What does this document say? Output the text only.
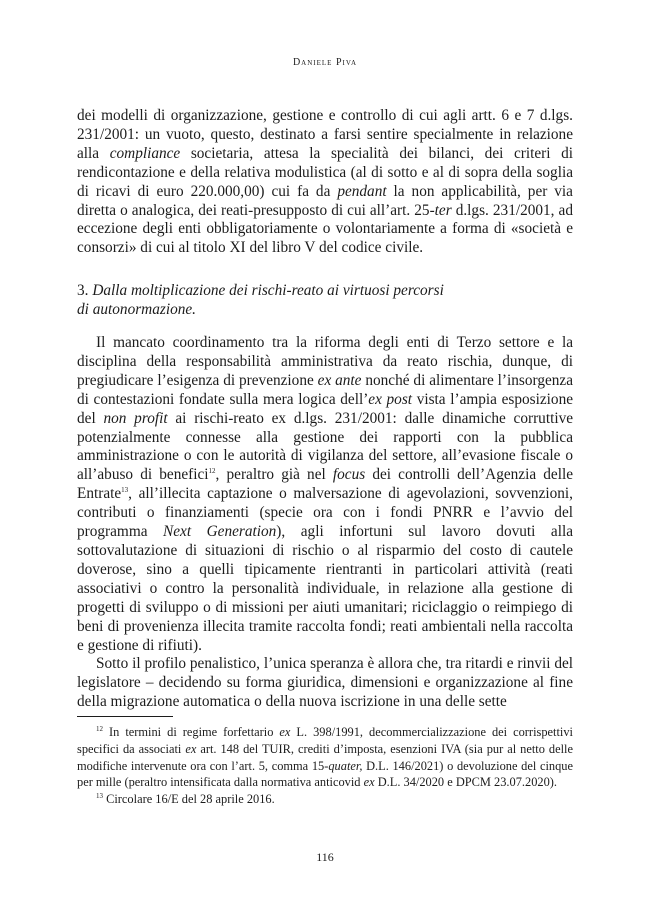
Daniele Piva

dei modelli di organizzazione, gestione e controllo di cui agli artt. 6 e 7 d.lgs. 231/2001: un vuoto, questo, destinato a farsi sentire specialmente in relazione alla compliance societaria, attesa la specialità dei bilanci, dei criteri di rendicontazione e della relativa modulistica (al di sotto e al di sopra della soglia di ricavi di euro 220.000,00) cui fa da pendant la non applicabilità, per via diretta o analogica, dei reati-presupposto di cui all’art. 25-ter d.lgs. 231/2001, ad eccezione degli enti obbligatoriamente o volontariamente a forma di «società e consorzi» di cui al titolo XI del libro V del codice civile.

3. Dalla moltiplicazione dei rischi-reato ai virtuosi percorsi
di autonormazione.

Il mancato coordinamento tra la riforma degli enti di Terzo settore e la disciplina della responsabilità amministrativa da reato rischia, dunque, di pregiudicare l’esigenza di prevenzione ex ante nonché di alimentare l’insorgenza di contestazioni fondate sulla mera logica dell’ex post vista l’ampia esposizione del non profit ai rischi-reato ex d.lgs. 231/2001: dalle dinamiche corruttive potenzialmente connesse alla gestione dei rapporti con la pubblica amministrazione o con le autorità di vigilanza del settore, all’evasione fiscale o all’abuso di benefici$^{12}$, peraltro già nel focus dei controlli dell’Agenzia delle Entrate$^{13}$, all’illecita captazione o malversazione di agevolazioni, sovvenzioni, contributi o finanziamenti (specie ora con i fondi PNRR e l’avvio del programma Next Generation), agli infortuni sul lavoro dovuti alla sottovalutazione di situazioni di rischio o al risparmio del costo di cautele doverose, sino a quelli tipicamente rientranti in particolari attività (reati associativi o contro la personalità individuale, in relazione alla gestione di progetti di sviluppo o di missioni per aiuti umanitari; riciclaggio o reimpiego di beni di provenienza illecita tramite raccolta fondi; reati ambientali nella raccolta e gestione di rifiuti).

Sotto il profilo penalistico, l’unica speranza è allora che, tra ritardi e rinvii del legislatore – decidendo su forma giuridica, dimensioni e organizzazione al fine della migrazione automatica o della nuova iscrizione in una delle sette

$^{12}$ In termini di regime forfettario ex L. 398/1991, decommercializzazione dei corrispettivi specifici da associati ex art. 148 del TUIR, crediti d’imposta, esenzioni IVA (sia pur al netto delle modifiche intervenute ora con l’art. 5, comma 15-quater, D.L. 146/2021) o devoluzione del cinque per mille (peraltro intensificata dalla normativa anticovid ex D.L. 34/2020 e DPCM 23.07.2020).

$^{13}$ Circolare 16/E del 28 aprile 2016.

116
